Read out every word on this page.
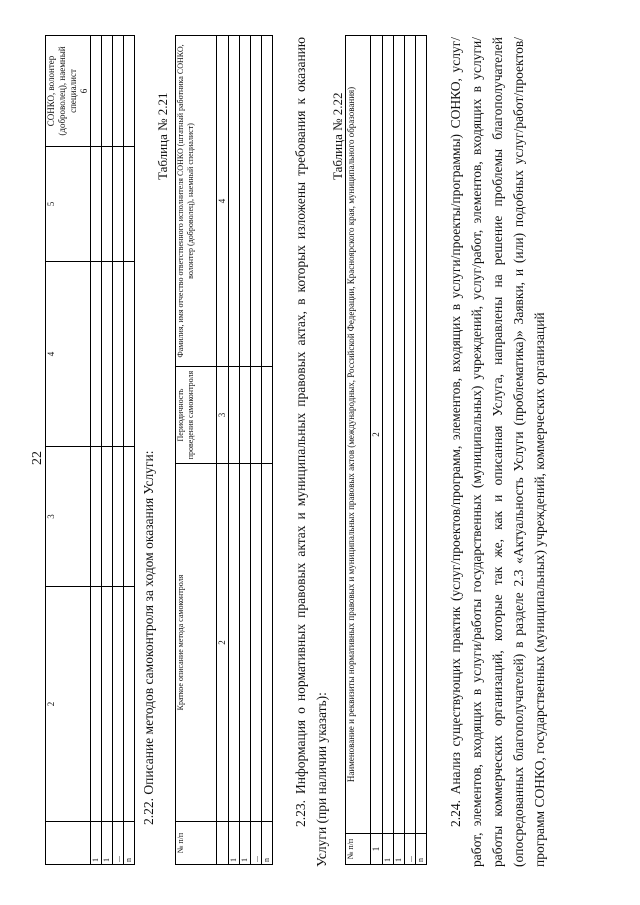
22
	2	3	4	5	СОНКО, волонтер (доброволец), наемный специалист 6

1					
1					
...					
n					
2.22. Описание методов самоконтроля за ходом оказания Услуги:
Таблица № 2.21
№ п/п	Краткое описание метода самоконтроля	Периодичность проведения самоконтроля	Фамилия, имя отчество ответственного исполнителя СОНКО (штатный работника СОНКО, волонтер (доброволец), наемный специалист)
	2	3	4
1			
1			
...			
n			
2.23. Информация о нормативных правовых актах и муниципальных правовых актах, в которых изложены требования к оказанию Услуги (при наличии указать):
Таблица № 2.22
№ п/п	Наименование и реквизиты нормативных правовых и муниципальных правовых актов (международных, Российской Федерации, Красноярского края, муниципального образования)
1	2
1	
1	
...	
n	
2.24. Анализ существующих практик (услуг/проектов/программ, элементов, входящих в услуги/проекты/программы) СОНКО, услуг/работ, элементов, входящих в услуги/работы государственных (муниципальных) учреждений, услуг/работ, элементов, входящих в услуги/работы коммерческих организаций, которые так же, как и описанная Услуга, направлены на решение проблемы благополучателей (опосредованных благополучателей) в разделе 2.3 «Актуальность Услуги (проблематика)» Заявки, и (или) подобных услуг/работ/проектов/программ СОНКО, государственных (муниципальных) учреждений, коммерческих организаций
